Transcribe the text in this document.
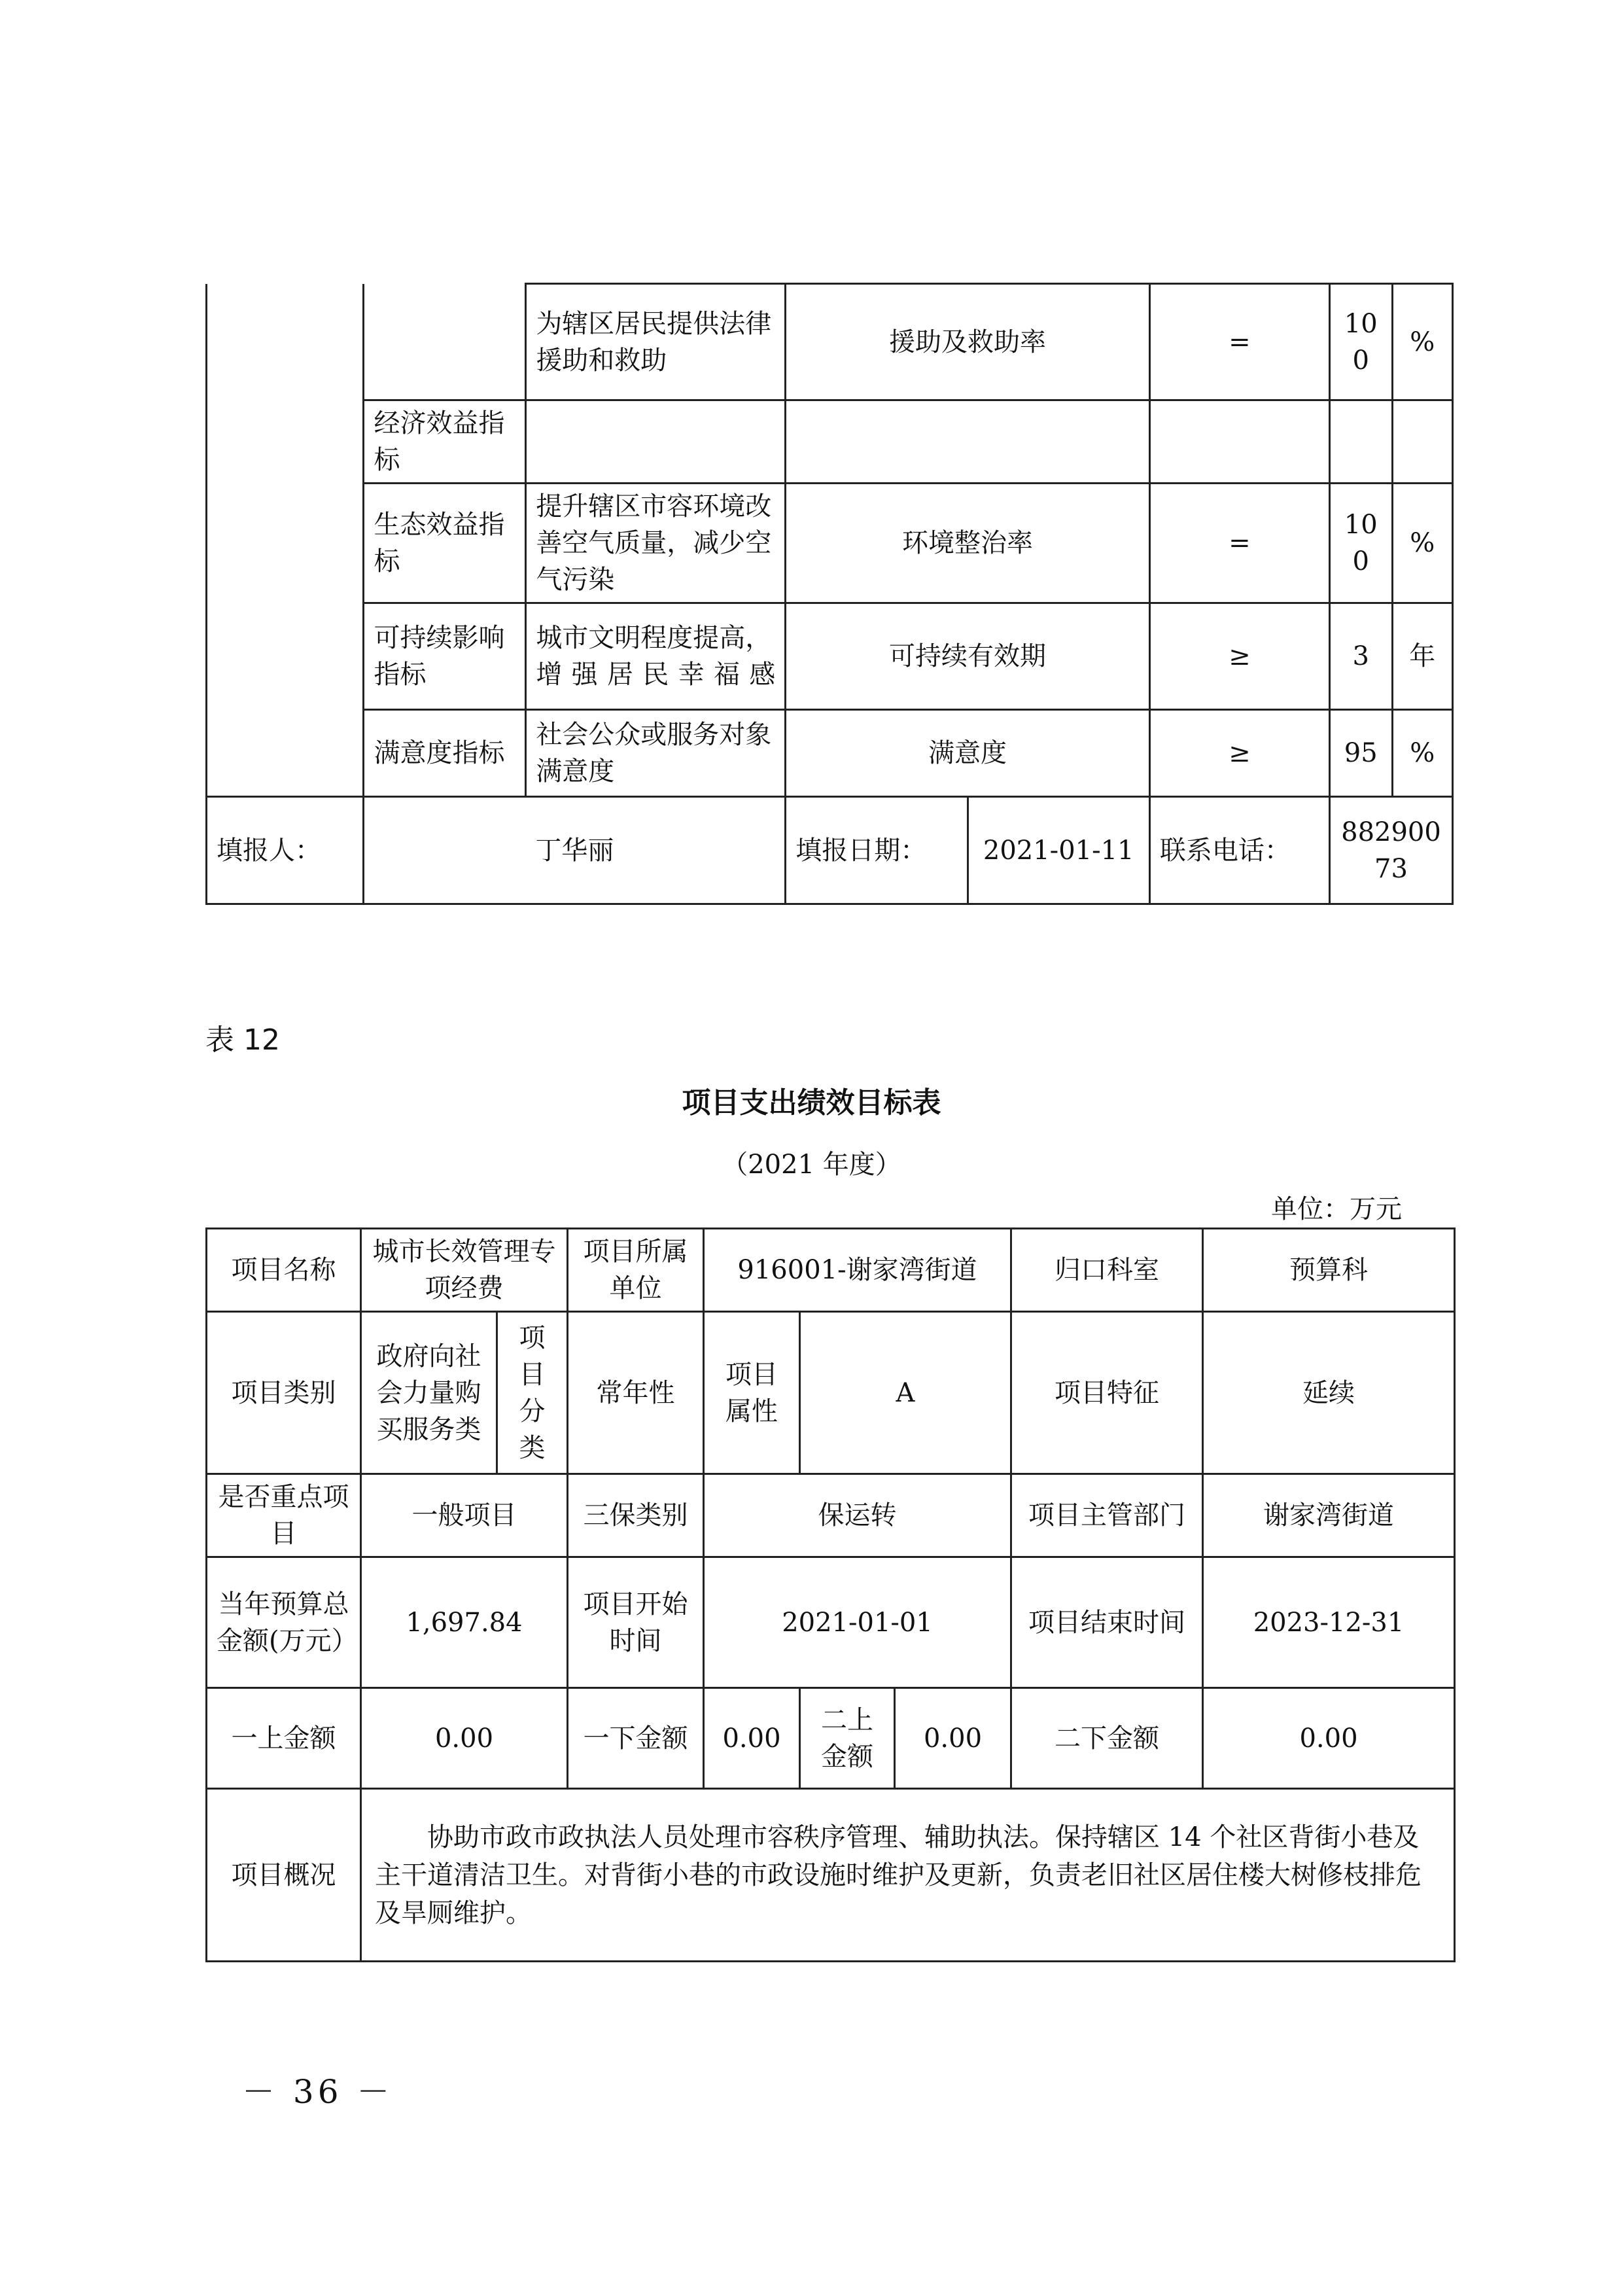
		为辖区居民提供法律援助和救助	援助及救助率		=	100	%
	经济效益指标						
	生态效益指标	提升辖区市容环境改善空气质量，减少空气污染	环境整治率		=	100	%
	可持续影响指标	城市文明程度提高，增强居民幸福感	可持续有效期		≥	3	年
	满意度指标	社会公众或服务对象满意度	满意度		≥	95	%
填报人：	丁华丽		填报日期：	2021-01-11	联系电话：	88290073	
表 12
项目支出绩效目标表
（2021 年度）
单位：万元
项目名称	城市长效管理专项经费		项目所属单位	916001-谢家湾街道			归口科室	预算科
项目类别	政府向社会力量购买服务类	项目分类	常年性	项目属性	A		项目特征	延续
是否重点项目	一般项目		三保类别	保运转			项目主管部门	谢家湾街道
当年预算总金额(万元）	1,697.84		项目开始时间	2021-01-01			项目结束时间	2023-12-31
一上金额	0.00		一下金额	0.00	二上金额	0.00	二下金额	0.00
项目概况	协助市政市政执法人员处理市容秩序管理、辅助执法。保持辖区 14 个社区背街小巷及主干道清洁卫生。对背街小巷的市政设施时维护及更新，负责老旧社区居住楼大树修枝排危及旱厕维护。							
－ 36 －
